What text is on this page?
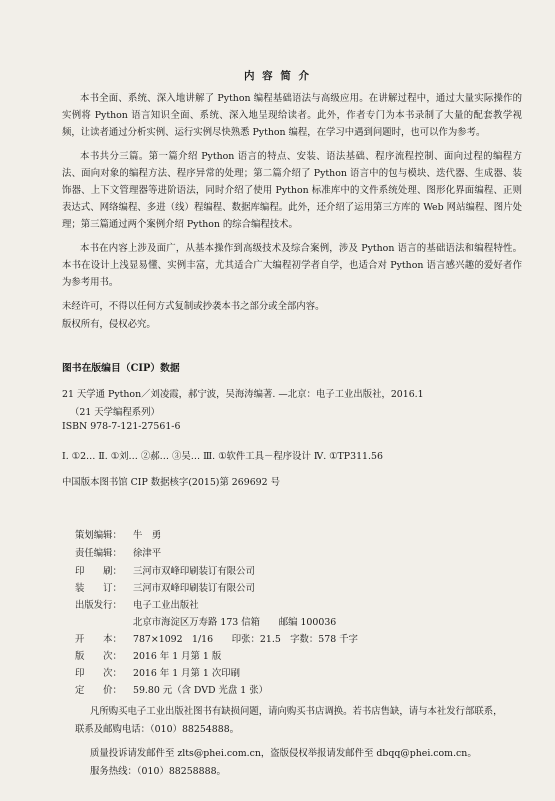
内 容 简 介
本书全面、系统、深入地讲解了 Python 编程基础语法与高级应用。在讲解过程中，通过大量实际操作的实例将 Python 语言知识全面、系统、深入地呈现给读者。此外，作者专门为本书录制了大量的配套教学视频，让读者通过分析实例、运行实例尽快熟悉 Python 编程，在学习中遇到问题时，也可以作为参考。
本书共分三篇。第一篇介绍 Python 语言的特点、安装、语法基础、程序流程控制、面向过程的编程方法、面向对象的编程方法、程序异常的处理；第二篇介绍了 Python 语言中的包与模块、迭代器、生成器、装饰器、上下文管理器等进阶语法，同时介绍了使用 Python 标准库中的文件系统处理、图形化界面编程、正则表达式、网络编程、多进（线）程编程、数据库编程。此外，还介绍了运用第三方库的 Web 网站编程、图片处理；第三篇通过两个案例介绍 Python 的综合编程技术。
本书在内容上涉及面广，从基本操作到高级技术及综合案例，涉及 Python 语言的基础语法和编程特性。本书在设计上浅显易懂、实例丰富，尤其适合广大编程初学者自学，也适合对 Python 语言感兴趣的爱好者作为参考用书。
未经许可，不得以任何方式复制或抄袭本书之部分或全部内容。
版权所有，侵权必究。
图书在版编目（CIP）数据
21 天学通 Python／刘凌霞，郝宁波，吴海涛编著. —北京：电子工业出版社，2016.1
（21 天学编程系列）
ISBN 978-7-121-27561-6
Ⅰ. ①2… Ⅱ. ①刘… ②郝… ③吴… Ⅲ. ①软件工具－程序设计 Ⅳ. ①TP311.56
中国版本图书馆 CIP 数据核字(2015)第 269692 号
策划编辑： 牛　勇
责任编辑： 徐津平
印　　刷： 三河市双峰印刷装订有限公司
装　　订： 三河市双峰印刷装订有限公司
出版发行： 电子工业出版社
北京市海淀区万寿路 173 信箱　　邮编 100036
开　　本： 787×1092　1/16　　印张：21.5　字数：578 千字
版　　次： 2016 年 1 月第 1 版
印　　次： 2016 年 1 月第 1 次印刷
定　　价： 59.80 元（含 DVD 光盘 1 张）
凡所购买电子工业出版社图书有缺损问题，请向购买书店调换。若书店售缺，请与本社发行部联系，
联系及邮购电话：（010）88254888。
质量投诉请发邮件至 zlts@phei.com.cn，盗版侵权举报请发邮件至 dbqq@phei.com.cn。
服务热线：（010）88258888。
